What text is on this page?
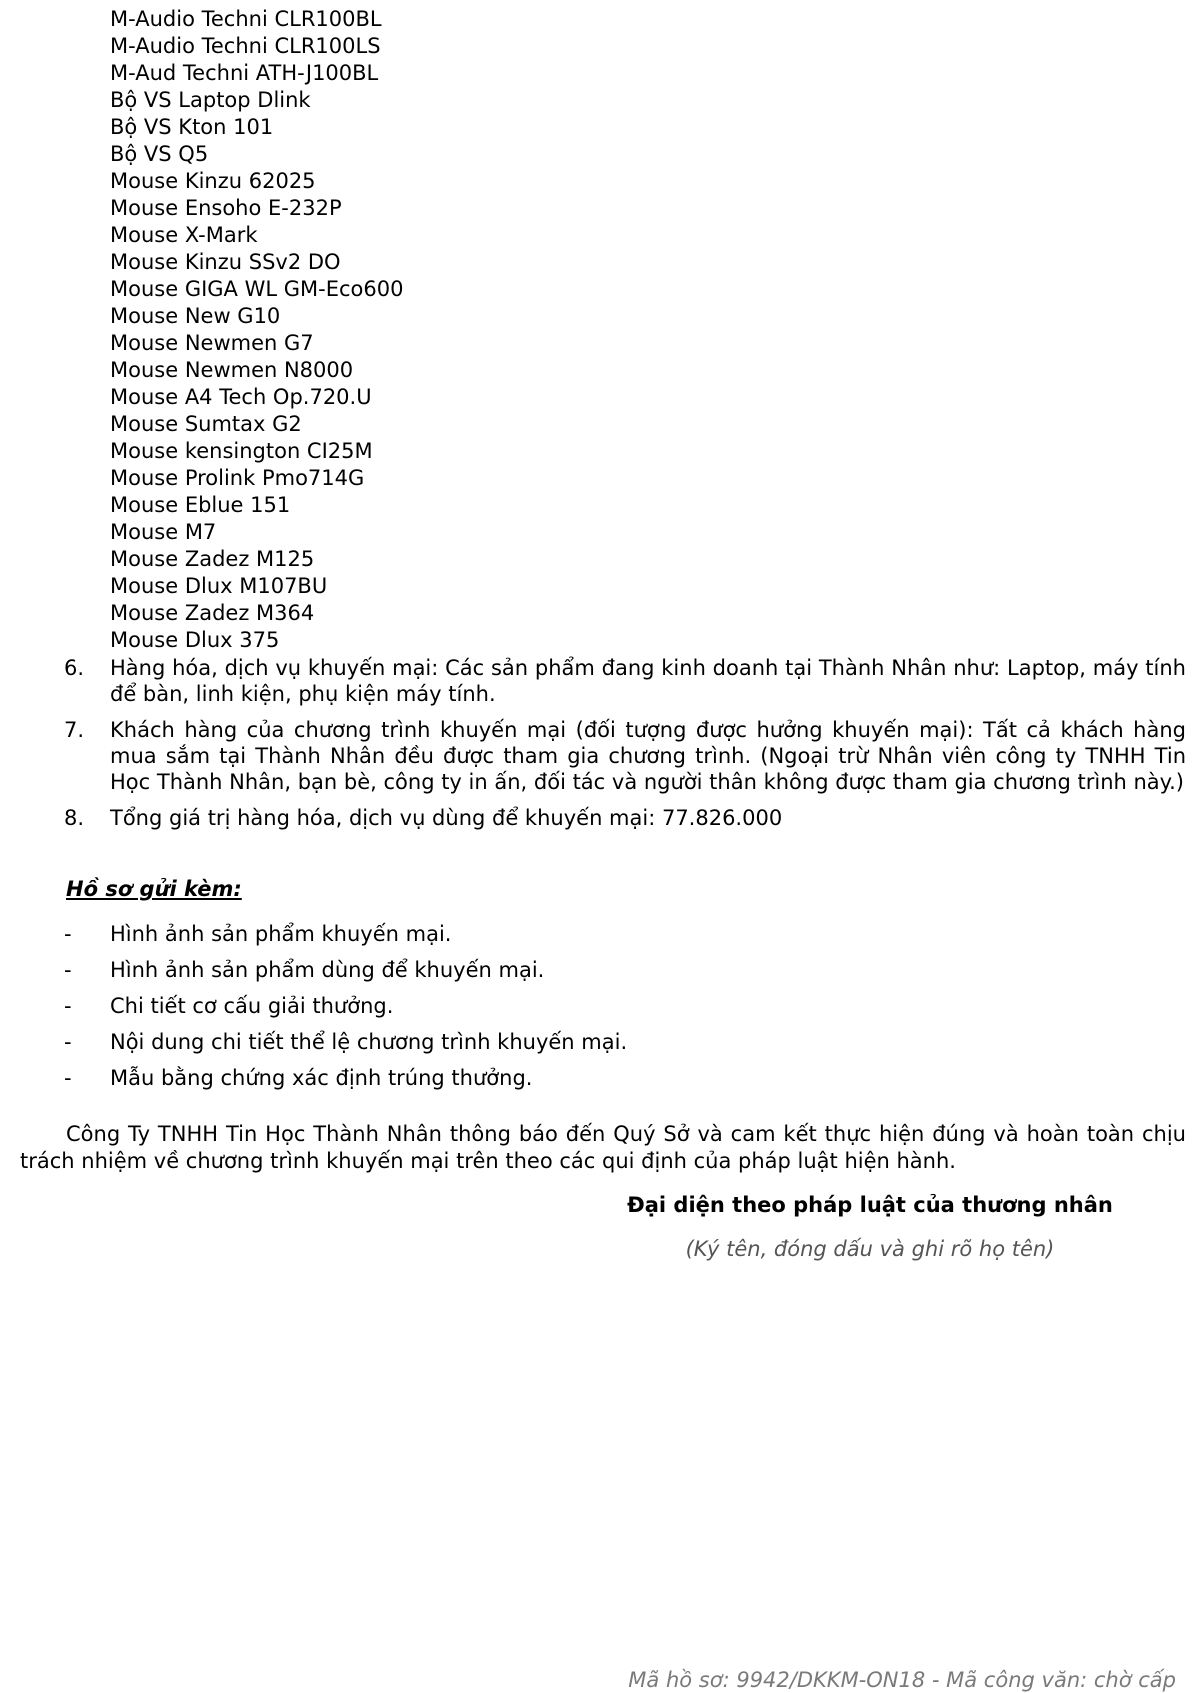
M-Audio Techni CLR100BL
M-Audio Techni CLR100LS
M-Aud Techni ATH-J100BL
Bộ VS Laptop Dlink
Bộ VS Kton 101
Bộ VS Q5
Mouse Kinzu 62025
Mouse Ensoho E-232P
Mouse X-Mark
Mouse Kinzu SSv2 DO
Mouse GIGA WL GM-Eco600
Mouse New G10
Mouse Newmen G7
Mouse Newmen N8000
Mouse A4 Tech Op.720.U
Mouse Sumtax G2
Mouse kensington CI25M
Mouse Prolink Pmo714G
Mouse Eblue 151
Mouse M7
Mouse Zadez M125
Mouse Dlux M107BU
Mouse Zadez M364
Mouse Dlux 375
6. Hàng hóa, dịch vụ khuyến mại: Các sản phẩm đang kinh doanh tại Thành Nhân như: Laptop, máy tính để bàn, linh kiện, phụ kiện máy tính.
7. Khách hàng của chương trình khuyến mại (đối tượng được hưởng khuyến mại): Tất cả khách hàng mua sắm tại Thành Nhân đều được tham gia chương trình. (Ngoại trừ Nhân viên công ty TNHH Tin Học Thành Nhân, bạn bè, công ty in ấn, đối tác và người thân không được tham gia chương trình này.)
8. Tổng giá trị hàng hóa, dịch vụ dùng để khuyến mại: 77.826.000
Hồ sơ gửi kèm:
- Hình ảnh sản phẩm khuyến mại.
- Hình ảnh sản phẩm dùng để khuyến mại.
- Chi tiết cơ cấu giải thưởng.
- Nội dung chi tiết thể lệ chương trình khuyến mại.
- Mẫu bằng chứng xác định trúng thưởng.

Công Ty TNHH Tin Học Thành Nhân thông báo đến Quý Sở và cam kết thực hiện đúng và hoàn toàn chịu trách nhiệm về chương trình khuyến mại trên theo các qui định của pháp luật hiện hành.

Đại diện theo pháp luật của thương nhân
(Ký tên, đóng dấu và ghi rõ họ tên)
Mã hồ sơ: 9942/DKKM-ON18 - Mã công văn: chờ cấp
